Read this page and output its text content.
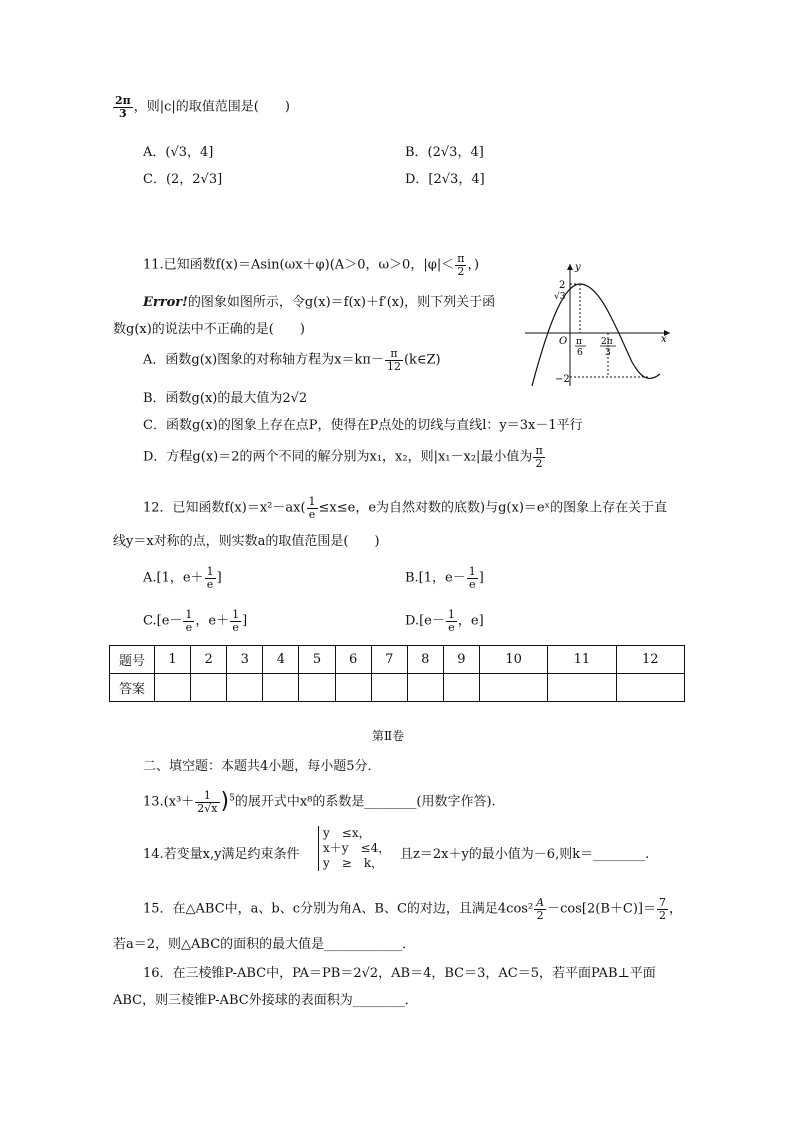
$\frac{2\pi}{3}$ ，则|c|的取值范围是(　　)
A．(√3，4]	B．(2√3，4]
C．(2，2√3]	D．[2√3，4]
11.已知函数f(x)＝Asin(ωx＋φ)(A＞0，ω＞0，$|\varphi|< \frac{\pi}{2}$ ，)
Error!的图象如图所示，令g(x)＝f(x)＋f′(x)，则下列关于函
数g(x)的说法中不正确的是(　　)
A．函数g(x)图象的对称轴方程为$x=k\pi- \frac{\pi}{12}$ (k∈Z)
B．函数g(x)的最大值为2√2
C．函数g(x)的图象上存在点P，使得在P点处的切线与直线l：y＝3x－1平行
D．方程g(x)＝2的两个不同的解分别为x₁，x₂，则|x₁－x₂|最小值为 $\frac{\pi}{2}$
y
x
O
2
√3
−2
π
6
2π
3
12．已知函数$f(x)=x^2-ax( \frac{1}{e} \le x\le e$，e为自然对数的底数)与g(x)＝eˣ的图象上存在关于直
线y＝x对称的点，则实数a的取值范围是(　　)
A.[1，$e+ \frac{1}{e}$ ]	B.[1，$e- \frac{1}{e}$ ]
$C.[e- \frac{1}{e}$ ，$e+ \frac{1}{e}$ ]	$D.[e- \frac{1}{e}$ ，e]
题号	1	2	3	4	5	6	7	8	9	10	11	12
答案												
第Ⅱ卷
二、填空题：本题共4小题，每小题5分．
$13.(x^3+ \frac{1}{2√x} )^5$的展开式中x⁸的系数是________(用数字作答).
14.若变量x,y满足约束条件
y　≤x，
x＋y　≤4，
y　≥　k，
且z＝2x＋y的最小值为－6,则k＝________.
15．在△ABC中，a、b、c分别为角A、B、C的对边，且满足$4\cos^2 \frac{A}{2} -\cos[2(B+C)]= \frac{7}{2}$ ，
若a＝2，则△ABC的面积的最大值是____________．
16．在三棱锥P-ABC中，PA＝PB＝2√2，AB＝4，BC＝3，AC＝5，若平面PAB⊥平面
ABC，则三棱锥P-ABC外接球的表面积为________．
